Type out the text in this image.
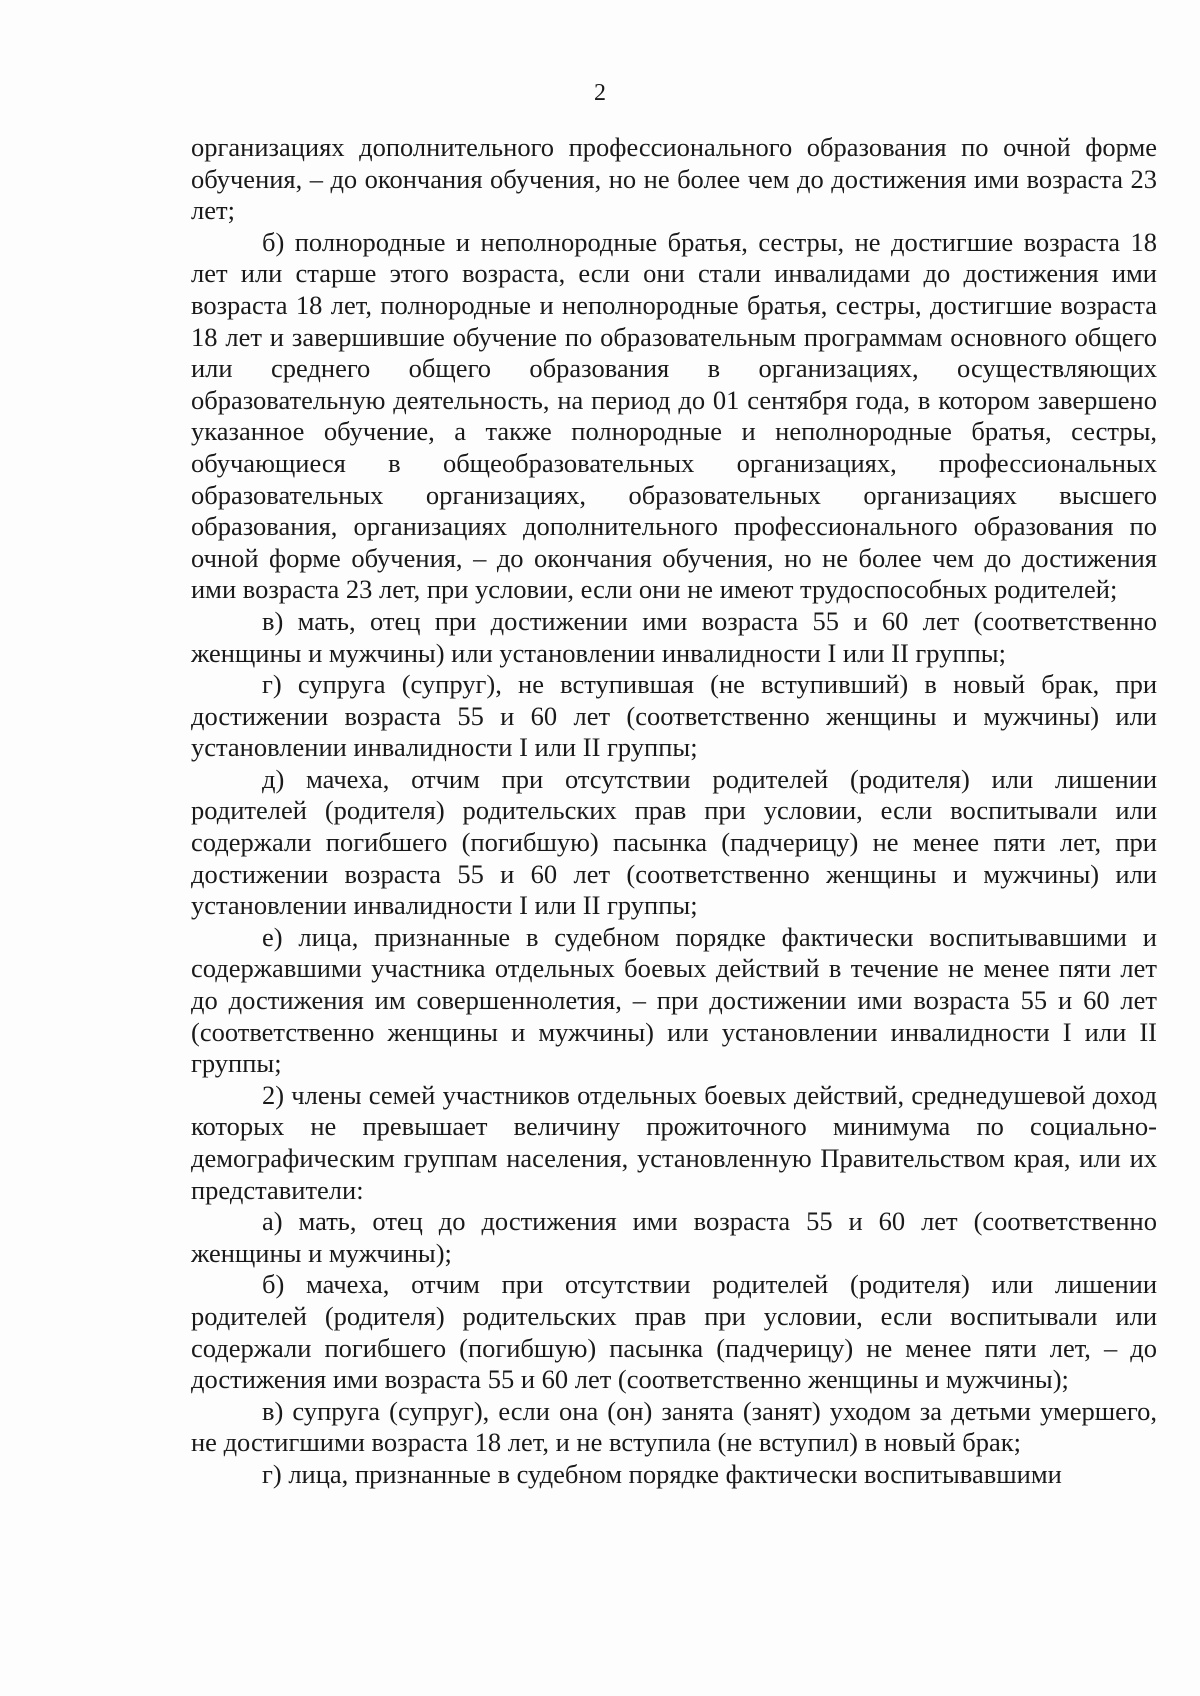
2

организациях дополнительного профессионального образования по очной форме обучения, – до окончания обучения, но не более чем до достижения ими возраста 23 лет;

б) полнородные и неполнородные братья, сестры, не достигшие возраста 18 лет или старше этого возраста, если они стали инвалидами до достижения ими возраста 18 лет, полнородные и неполнородные братья, сестры, достигшие возраста 18 лет и завершившие обучение по образовательным программам основного общего или среднего общего образования в организациях, осуществляющих образовательную деятельность, на период до 01 сентября года, в котором завершено указанное обучение, а также полнородные и неполнородные братья, сестры, обучающиеся в общеобразовательных организациях, профессиональных образовательных организациях, образовательных организациях высшего образования, организациях дополнительного профессионального образования по очной форме обучения, – до окончания обучения, но не более чем до достижения ими возраста 23 лет, при условии, если они не имеют трудоспособных родителей;

в) мать, отец при достижении ими возраста 55 и 60 лет (соответственно женщины и мужчины) или установлении инвалидности I или II группы;

г) супруга (супруг), не вступившая (не вступивший) в новый брак, при достижении возраста 55 и 60 лет (соответственно женщины и мужчины) или установлении инвалидности I или II группы;

д) мачеха, отчим при отсутствии родителей (родителя) или лишении родителей (родителя) родительских прав при условии, если воспитывали или содержали погибшего (погибшую) пасынка (падчерицу) не менее пяти лет, при достижении возраста 55 и 60 лет (соответственно женщины и мужчины) или установлении инвалидности I или II группы;

е) лица, признанные в судебном порядке фактически воспитывавшими и содержавшими участника отдельных боевых действий в течение не менее пяти лет до достижения им совершеннолетия, – при достижении ими возраста 55 и 60 лет (соответственно женщины и мужчины) или установлении инвалидности I или II группы;

2) члены семей участников отдельных боевых действий, среднедушевой доход которых не превышает величину прожиточного минимума по социально-демографическим группам населения, установленную Правительством края, или их представители:

а) мать, отец до достижения ими возраста 55 и 60 лет (соответственно женщины и мужчины);

б) мачеха, отчим при отсутствии родителей (родителя) или лишении родителей (родителя) родительских прав при условии, если воспитывали или содержали погибшего (погибшую) пасынка (падчерицу) не менее пяти лет, – до достижения ими возраста 55 и 60 лет (соответственно женщины и мужчины);

в) супруга (супруг), если она (он) занята (занят) уходом за детьми умершего, не достигшими возраста 18 лет, и не вступила (не вступил) в новый брак;

г) лица, признанные в судебном порядке фактически воспитывавшими
